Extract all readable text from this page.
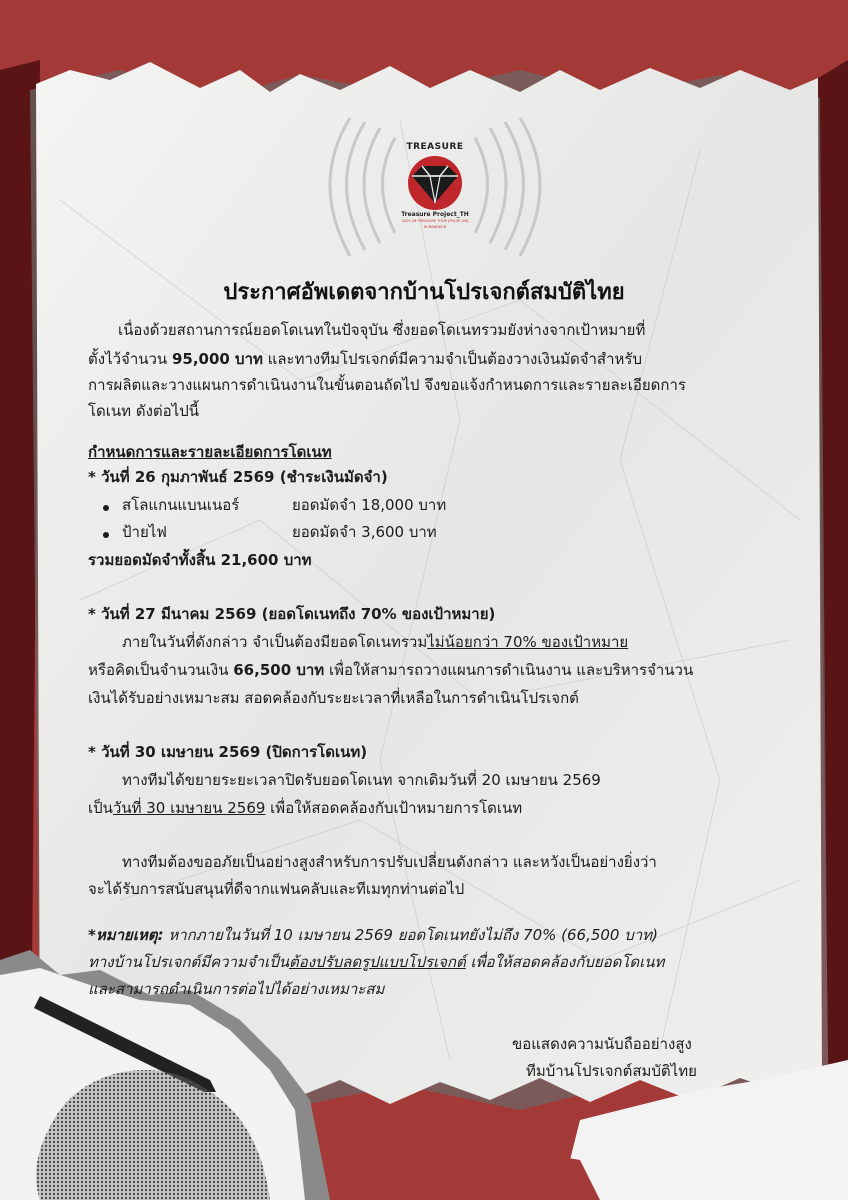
TREASURE
Treasure Project_TH
2025-26 TREASURE TOUR [PULSE ON]
IN BANGKOK
ประกาศอัพเดตจากบ้านโปรเจกต์สมบัติไทย
เนื่องด้วยสถานการณ์ยอดโดเนทในปัจจุบัน ซึ่งยอดโดเนทรวมยังห่างจากเป้าหมายที่
ตั้งไว้จำนวน 95,000 บาท และทางทีมโปรเจกต์มีความจำเป็นต้องวางเงินมัดจำสำหรับ
การผลิตและวางแผนการดำเนินงานในขั้นตอนถัดไป จึงขอแจ้งกำหนดการและรายละเอียดการ
โดเนท ดังต่อไปนี้
กำหนดการและรายละเอียดการโดเนท
* วันที่ 26 กุมภาพันธ์ 2569 (ชำระเงินมัดจำ)
สโลแกนแบนเนอร์	ยอดมัดจำ 18,000 บาท
ป้ายไฟ	ยอดมัดจำ 3,600 บาท
รวมยอดมัดจำทั้งสิ้น 21,600 บาท
* วันที่ 27 มีนาคม 2569 (ยอดโดเนทถึง 70% ของเป้าหมาย)
ภายในวันที่ดังกล่าว จำเป็นต้องมียอดโดเนทรวมไม่น้อยกว่า 70% ของเป้าหมาย
หรือคิดเป็นจำนวนเงิน 66,500 บาท เพื่อให้สามารถวางแผนการดำเนินงาน และบริหารจำนวน
เงินได้รับอย่างเหมาะสม สอดคล้องกับระยะเวลาที่เหลือในการดำเนินโปรเจกต์
* วันที่ 30 เมษายน 2569 (ปิดการโดเนท)
ทางทีมได้ขยายระยะเวลาปิดรับยอดโดเนท จากเดิมวันที่ 20 เมษายน 2569
เป็นวันที่ 30 เมษายน 2569 เพื่อให้สอดคล้องกับเป้าหมายการโดเนท
ทางทีมต้องขออภัยเป็นอย่างสูงสำหรับการปรับเปลี่ยนดังกล่าว และหวังเป็นอย่างยิ่งว่า
จะได้รับการสนับสนุนที่ดีจากแฟนคลับและทีเมทุกท่านต่อไป
*หมายเหตุ: หากภายในวันที่ 10 เมษายน 2569 ยอดโดเนทยังไม่ถึง 70% (66,500 บาท)
ทางบ้านโปรเจกต์มีความจำเป็นต้องปรับลดรูปแบบโปรเจกต์ เพื่อให้สอดคล้องกับยอดโดเนท
และสามารถดำเนินการต่อไปได้อย่างเหมาะสม
ขอแสดงความนับถืออย่างสูง
ทีมบ้านโปรเจกต์สมบัติไทย
